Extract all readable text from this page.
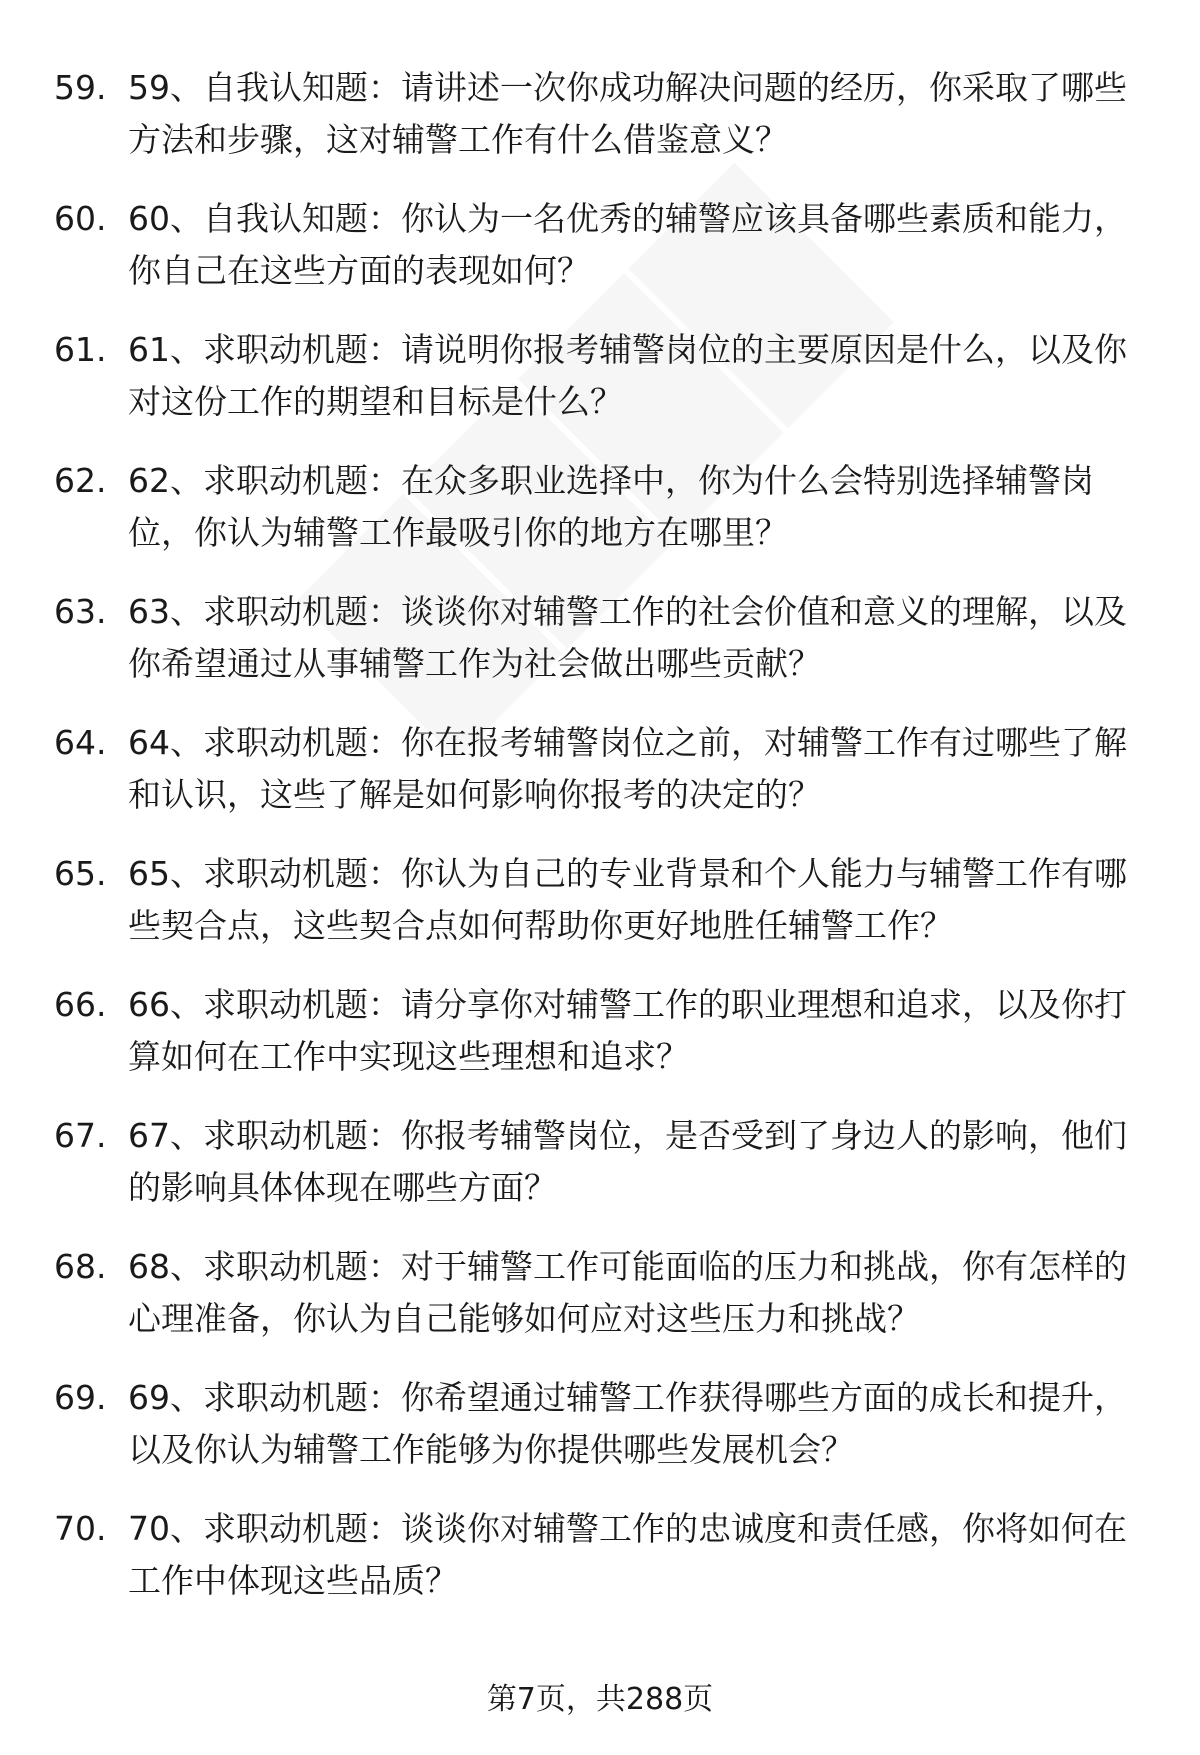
59. 59、自我认知题：请讲述一次你成功解决问题的经历，你采取了哪些方法和步骤，这对辅警工作有什么借鉴意义？
60. 60、自我认知题：你认为一名优秀的辅警应该具备哪些素质和能力，你自己在这些方面的表现如何？
61. 61、求职动机题：请说明你报考辅警岗位的主要原因是什么，以及你对这份工作的期望和目标是什么？
62. 62、求职动机题：在众多职业选择中，你为什么会特别选择辅警岗位，你认为辅警工作最吸引你的地方在哪里？
63. 63、求职动机题：谈谈你对辅警工作的社会价值和意义的理解，以及你希望通过从事辅警工作为社会做出哪些贡献？
64. 64、求职动机题：你在报考辅警岗位之前，对辅警工作有过哪些了解和认识，这些了解是如何影响你报考的决定的？
65. 65、求职动机题：你认为自己的专业背景和个人能力与辅警工作有哪些契合点，这些契合点如何帮助你更好地胜任辅警工作？
66. 66、求职动机题：请分享你对辅警工作的职业理想和追求，以及你打算如何在工作中实现这些理想和追求？
67. 67、求职动机题：你报考辅警岗位，是否受到了身边人的影响，他们的影响具体体现在哪些方面？
68. 68、求职动机题：对于辅警工作可能面临的压力和挑战，你有怎样的心理准备，你认为自己能够如何应对这些压力和挑战？
69. 69、求职动机题：你希望通过辅警工作获得哪些方面的成长和提升，以及你认为辅警工作能够为你提供哪些发展机会？
70. 70、求职动机题：谈谈你对辅警工作的忠诚度和责任感，你将如何在工作中体现这些品质？
第7页，共288页
